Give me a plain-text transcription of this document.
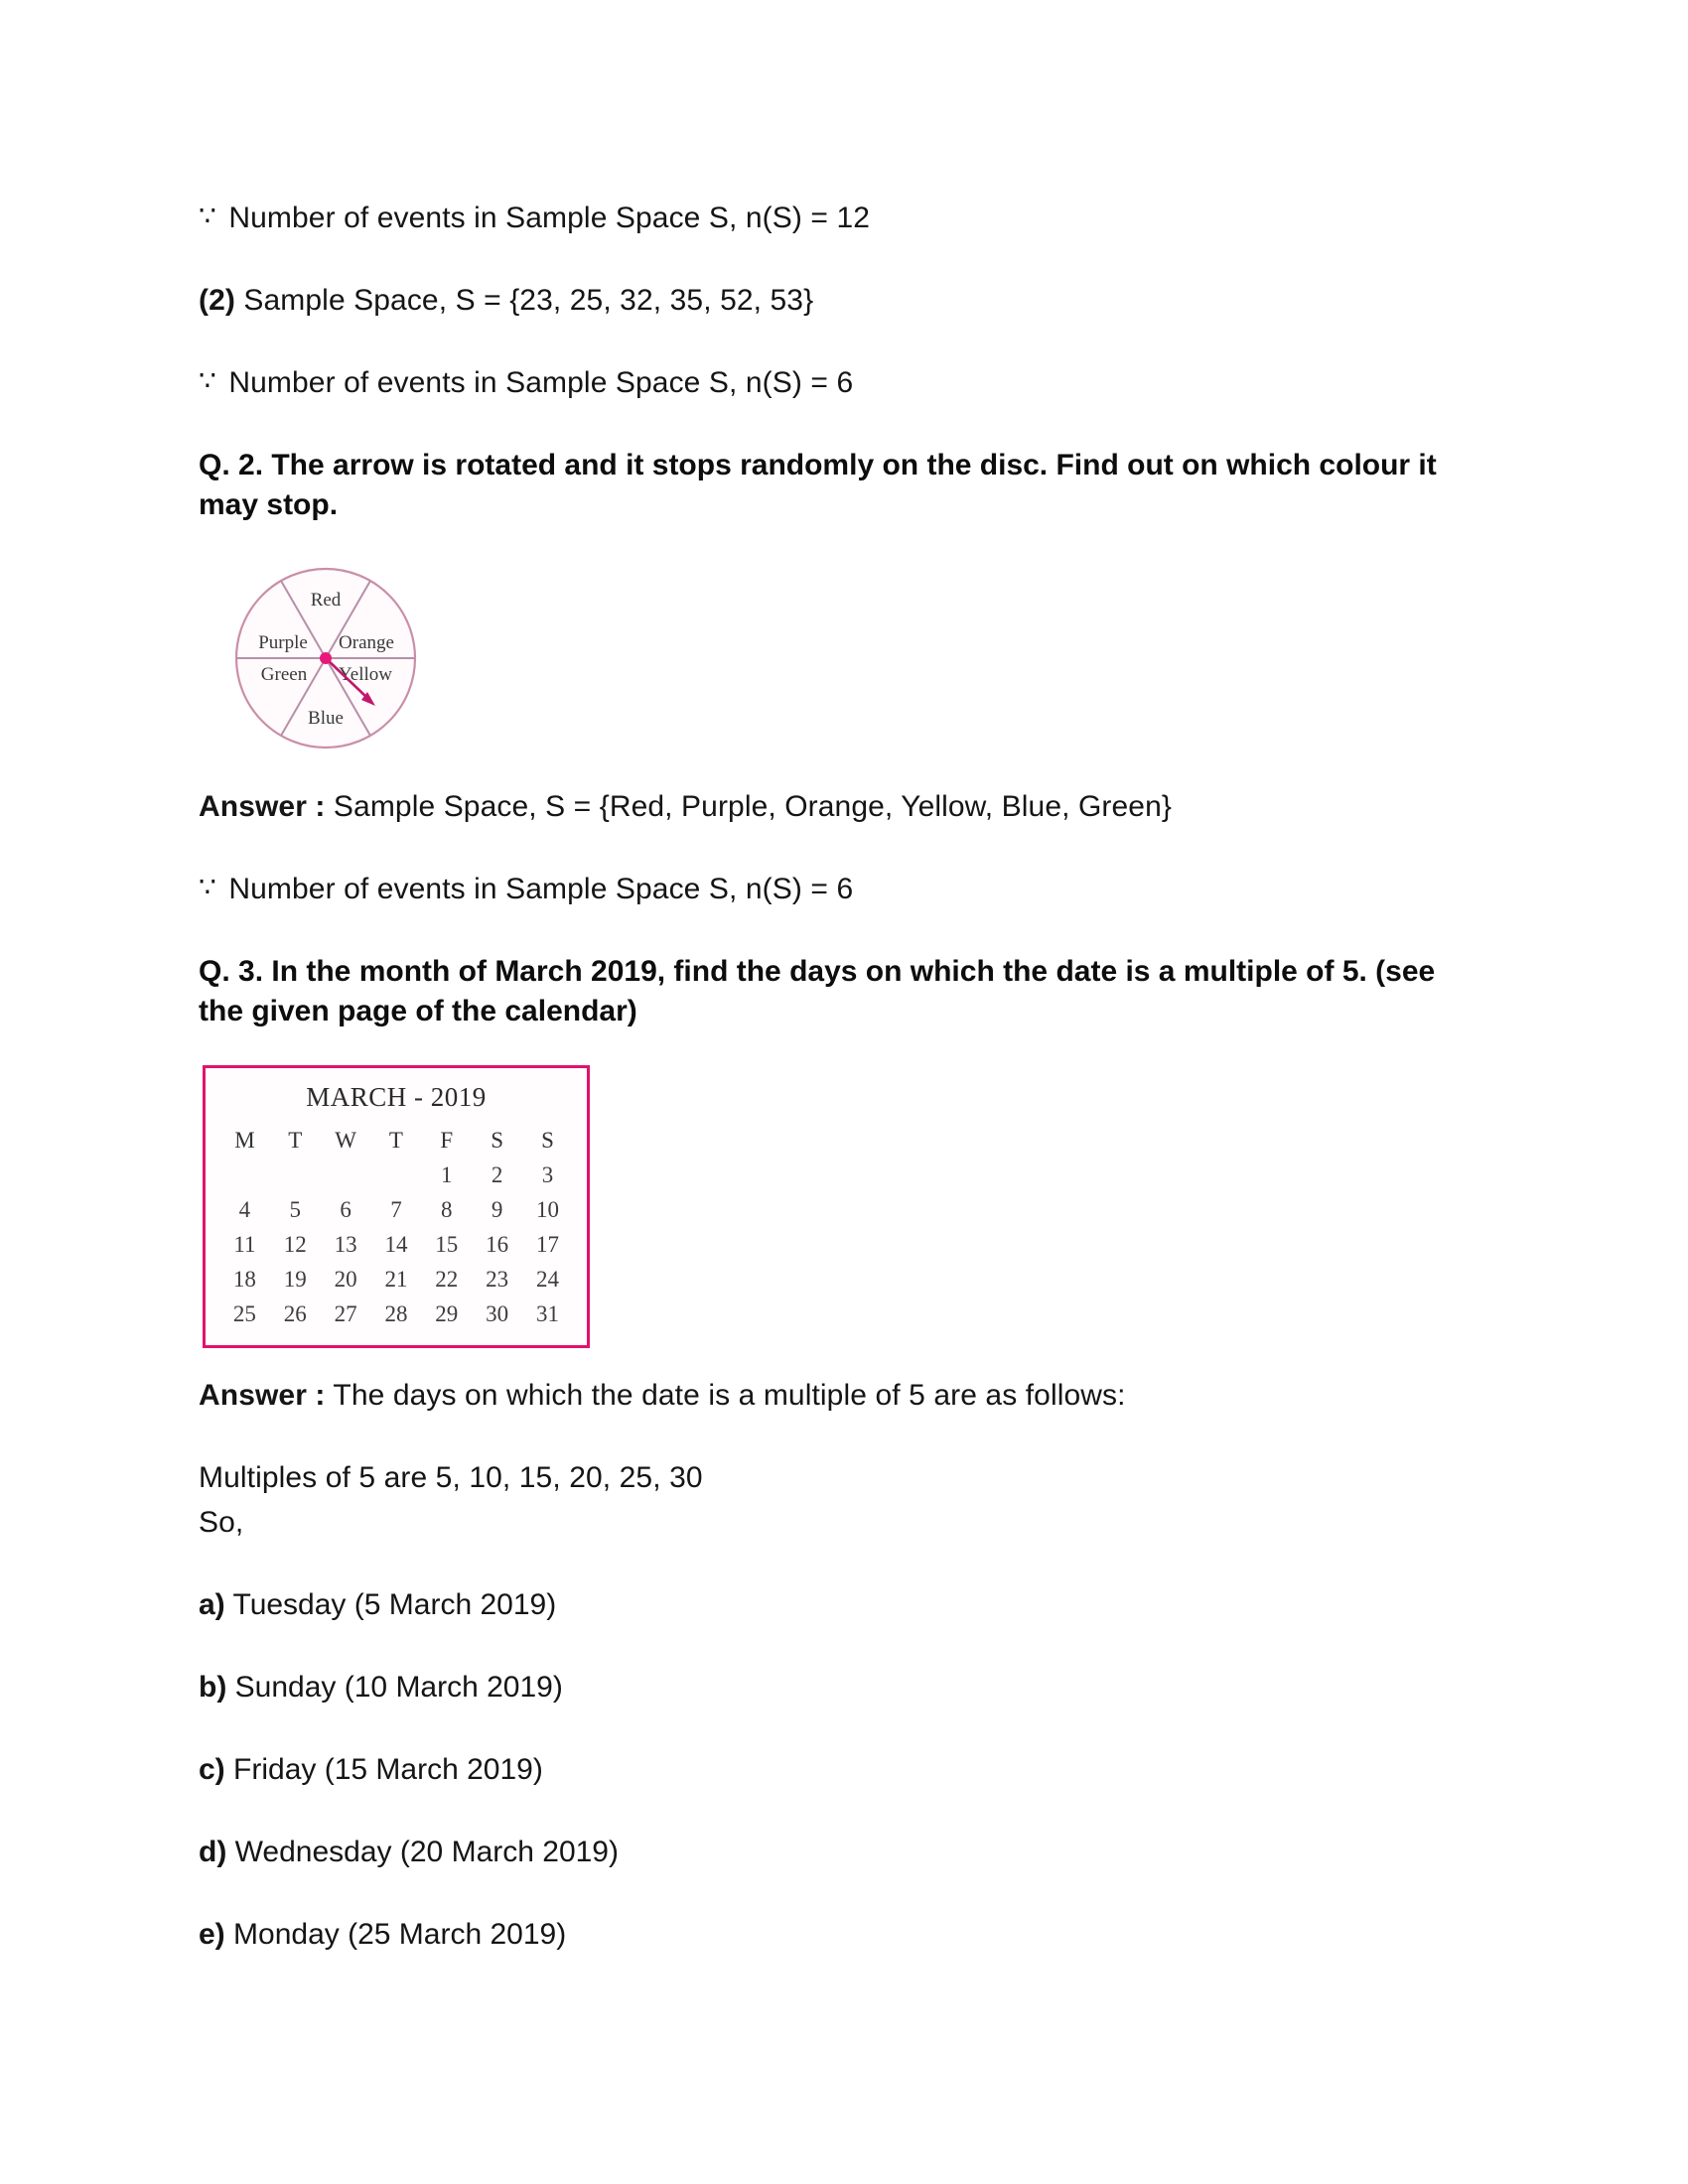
∵ Number of events in Sample Space S, n(S) = 12

(2) Sample Space, S = {23, 25, 32, 35, 52, 53}

∵ Number of events in Sample Space S, n(S) = 6

Q. 2. The arrow is rotated and it stops randomly on the disc. Find out on which colour it may stop.
Red
Orange
Yellow
Blue
Green
Purple

Answer : Sample Space, S = {Red, Purple, Orange, Yellow, Blue, Green}

∵ Number of events in Sample Space S, n(S) = 6

Q. 3. In the month of March 2019, find the days on which the date is a multiple of 5. (see the given page of the calendar)
MARCH - 2019
M	T	W	T	F	S	S
				1	2	3
4	5	6	7	8	9	10
11	12	13	14	15	16	17
18	19	20	21	22	23	24
25	26	27	28	29	30	31

Answer : The days on which the date is a multiple of 5 are as follows:

Multiples of 5 are 5, 10, 15, 20, 25, 30

So,

a) Tuesday (5 March 2019)

b) Sunday (10 March 2019)

c) Friday (15 March 2019)

d) Wednesday (20 March 2019)

e) Monday (25 March 2019)
